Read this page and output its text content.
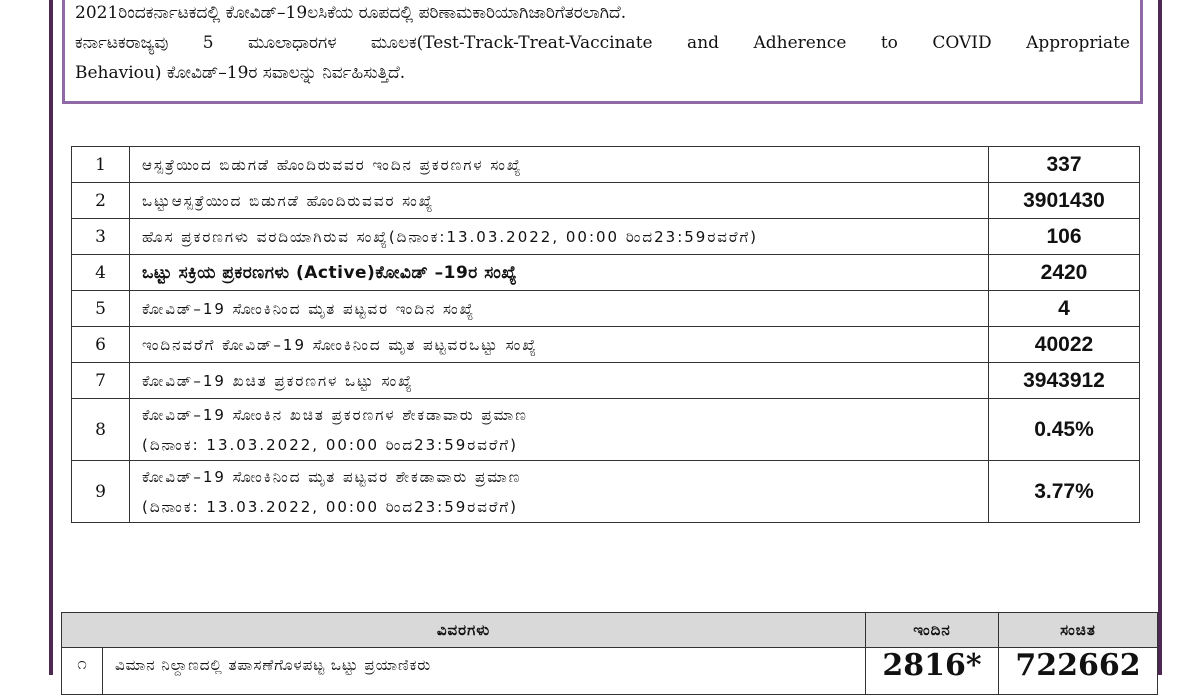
2021ರಿಂದಕರ್ನಾಟಕದಲ್ಲಿ ಕೋವಿಡ್–19ಲಸಿಕೆಯ ರೂಪದಲ್ಲಿ ಪರಿಣಾಮಕಾರಿಯಾಗಿಜಾರಿಗೆತರಲಾಗಿದೆ.

ಕರ್ನಾಟಕರಾಜ್ಯವು 5 ಮೂಲಾಧಾರಗಳ ಮೂಲಕ(Test-Track-Treat-Vaccinate and Adherence to COVID Appropriate

Behaviou) ಕೋವಿಡ್–19ರ ಸವಾಲನ್ನು ನಿರ್ವಹಿಸುತ್ತಿದೆ.

1	ಆಸ್ಪತ್ರೆಯಿಂದ ಬಿಡುಗಡೆ ಹೊಂದಿರುವವರ ಇಂದಿನ ಪ್ರಕರಣಗಳ ಸಂಖ್ಯೆ	337
2	ಒಟ್ಟುಆಸ್ಪತ್ರೆಯಿಂದ ಬಿಡುಗಡೆ ಹೊಂದಿರುವವರ ಸಂಖ್ಯೆ	3901430
3	ಹೊಸ ಪ್ರಕರಣಗಳು ವರದಿಯಾಗಿರುವ ಸಂಖ್ಯೆ(ದಿನಾಂಕ:13.03.2022, 00:00 ರಿಂದ23:59ರವರೆಗೆ)	106
4	ಒಟ್ಟು ಸಕ್ರಿಯ ಪ್ರಕರಣಗಳು (Active)ಕೋವಿಡ್ –19ರ ಸಂಖ್ಯೆ	2420
5	ಕೋವಿಡ್–19 ಸೋಂಕಿನಿಂದ ಮೃತ ಪಟ್ಟವರ ಇಂದಿನ ಸಂಖ್ಯೆ	4
6	ಇಂದಿನವರೆಗೆ ಕೋವಿಡ್–19 ಸೋಂಕಿನಿಂದ ಮೃತ ಪಟ್ಟವರಒಟ್ಟು ಸಂಖ್ಯೆ	40022
7	ಕೋವಿಡ್–19 ಖಚಿತ ಪ್ರಕರಣಗಳ ಒಟ್ಟು ಸಂಖ್ಯೆ	3943912
8	ಕೋವಿಡ್–19 ಸೋಂಕಿನ ಖಚಿತ ಪ್ರಕರಣಗಳ ಶೇಕಡಾವಾರು ಪ್ರಮಾಣ
(ದಿನಾಂಕ: 13.03.2022, 00:00 ರಿಂದ23:59ರವರೆಗೆ)	0.45%
9	ಕೋವಿಡ್–19 ಸೋಂಕಿನಿಂದ ಮೃತ ಪಟ್ಟವರ ಶೇಕಡಾವಾರು ಪ್ರಮಾಣ
(ದಿನಾಂಕ: 13.03.2022, 00:00 ರಿಂದ23:59ರವರೆಗೆ)	3.77%
ವಿವರಗಳು		ಇಂದಿನ	ಸಂಚಿತ
೧	ವಿಮಾನ ನಿಲ್ದಾಣದಲ್ಲಿ ತಪಾಸಣೆಗೊಳಪಟ್ಟ ಒಟ್ಟು ಪ್ರಯಾಣಿಕರು	2816*	722662
